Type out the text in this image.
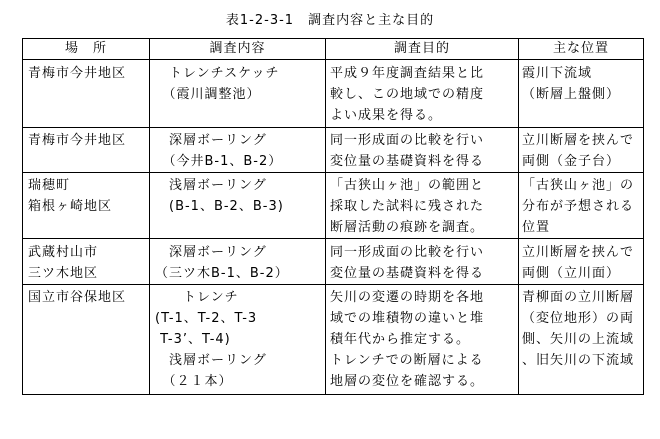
表1-2-3-1　調査内容と主な目的
場　所	調査内容	調査目的	主な位置
青梅市今井地区	　トレンチスケッチ
　（霞川調整池）	平成９年度調査結果と比
較し、この地域での精度
よい成果を得る。	霞川下流域
（断層上盤側）
青梅市今井地区	　深層ボーリング
　（今井B-1、B-2）	同一形成面の比較を行い
変位量の基礎資料を得る	立川断層を挟んで
両側（金子台）
瑞穂町
箱根ヶ崎地区	　浅層ボーリング
　(B-1、B-2、B-3)	「古狭山ヶ池」の範囲と
採取した試料に残された
断層活動の痕跡を調査。	「古狭山ヶ池」の
分布が予想される
位置
武蔵村山市
三ツ木地区	　深層ボーリング
（三ツ木B-1、B-2）	同一形成面の比較を行い
変位量の基礎資料を得る	立川断層を挟んで
両側（立川面）
国立市谷保地区	　　トレンチ
(T-1、T-2、T-3
T-3’、T-4)
　浅層ボーリング
　（２１本）	矢川の変遷の時期を各地
域での堆積物の違いと堆
積年代から推定する。
トレンチでの断層による
地層の変位を確認する。	青柳面の立川断層
（変位地形）の両
側、矢川の上流域
、旧矢川の下流域
